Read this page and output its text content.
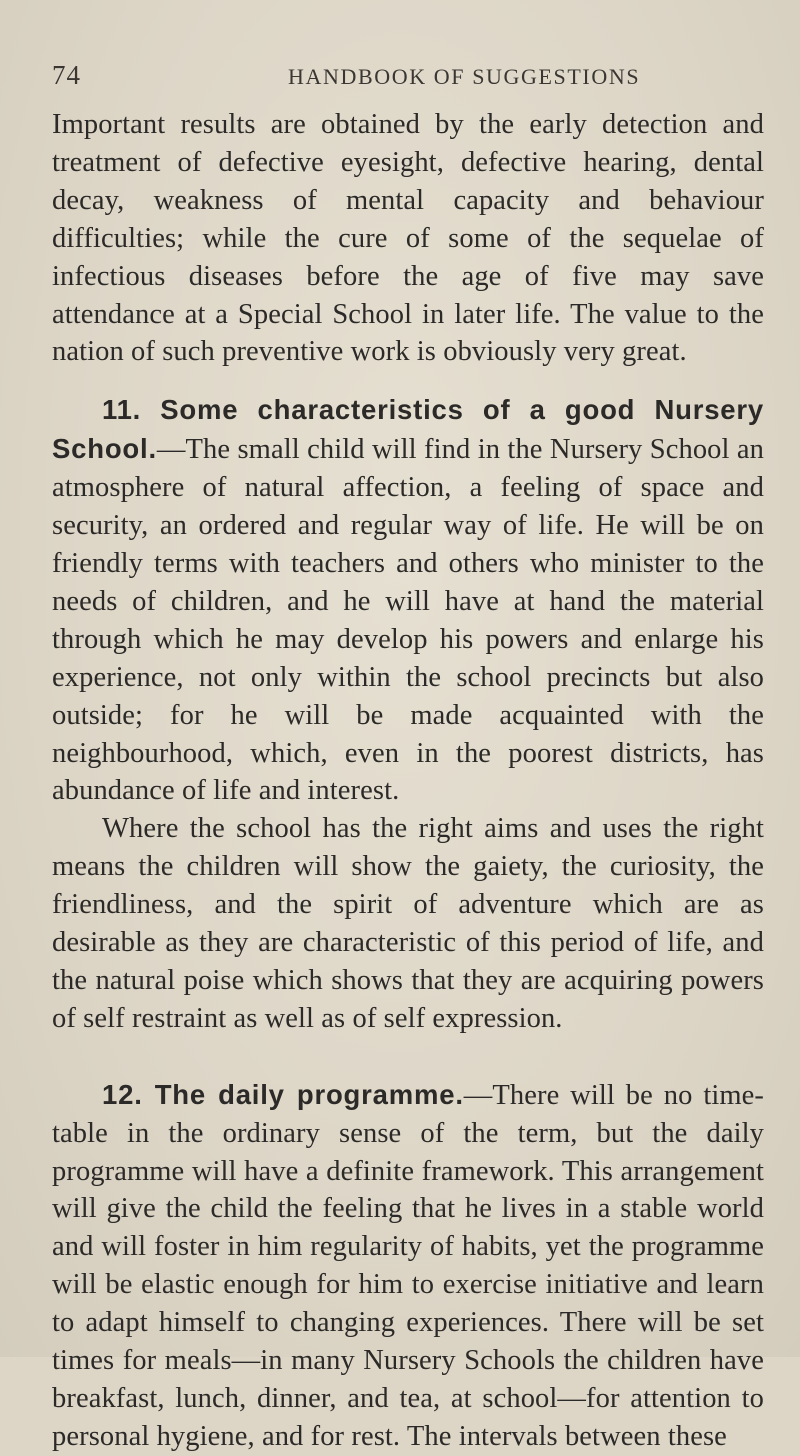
74	HANDBOOK OF SUGGESTIONS

Important results are obtained by the early detection and treatment of defective eyesight, defective hearing, dental decay, weakness of mental capacity and behaviour difficulties; while the cure of some of the sequelae of infectious diseases before the age of five may save attendance at a Special School in later life. The value to the nation of such preventive work is obviously very great.

11. Some characteristics of a good Nursery School.—The small child will find in the Nursery School an atmosphere of natural affection, a feeling of space and security, an ordered and regular way of life. He will be on friendly terms with teachers and others who minister to the needs of children, and he will have at hand the material through which he may develop his powers and enlarge his experience, not only within the school precincts but also outside; for he will be made acquainted with the neighbourhood, which, even in the poorest districts, has abundance of life and interest.

Where the school has the right aims and uses the right means the children will show the gaiety, the curiosity, the friendliness, and the spirit of adventure which are as desirable as they are characteristic of this period of life, and the natural poise which shows that they are acquiring powers of self restraint as well as of self expression.

12. The daily programme.—There will be no time-table in the ordinary sense of the term, but the daily programme will have a definite framework. This arrangement will give the child the feeling that he lives in a stable world and will foster in him regularity of habits, yet the programme will be elastic enough for him to exercise initiative and learn to adapt himself to changing experiences. There will be set times for meals—in many Nursery Schools the children have breakfast, lunch, dinner, and tea, at school—for attention to personal hygiene, and for rest. The intervals between these
